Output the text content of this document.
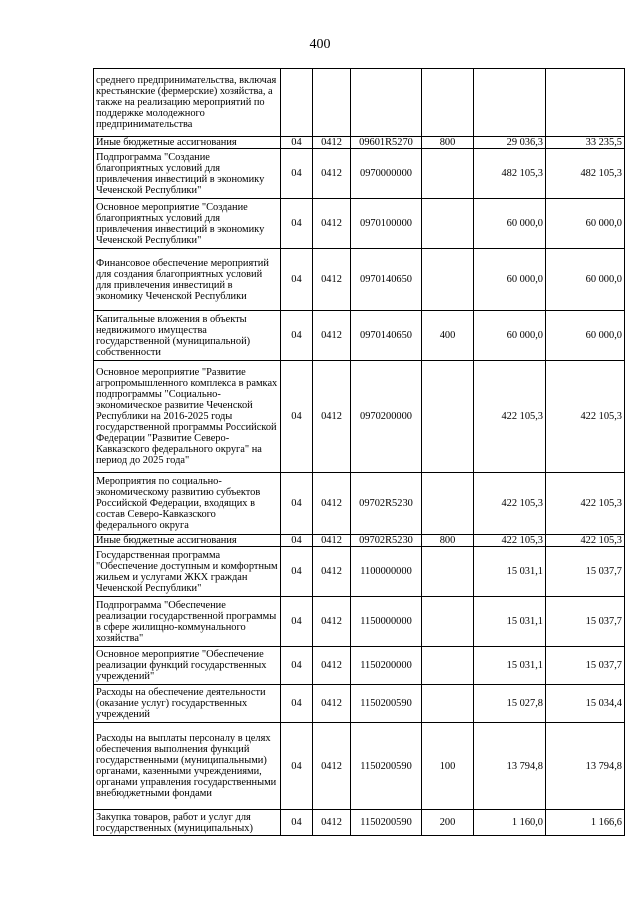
400
среднего предпринимательства, включая крестьянские (фермерские) хозяйства, а также на реализацию мероприятий по поддержке молодежного предпринимательства						
Иные бюджетные ассигнования	04	0412	09601R5270	800	29 036,3	33 235,5
Подпрограмма "Создание благоприятных условий для привлечения инвестиций в экономику Чеченской Республики"	04	0412	0970000000		482 105,3	482 105,3
Основное мероприятие "Создание благоприятных условий для привлечения инвестиций в экономику Чеченской Республики"	04	0412	0970100000		60 000,0	60 000,0
Финансовое обеспечение мероприятий для создания благоприятных условий для привлечения инвестиций в экономику Чеченской Республики	04	0412	0970140650		60 000,0	60 000,0
Капитальные вложения в объекты недвижимого имущества государственной (муниципальной) собственности	04	0412	0970140650	400	60 000,0	60 000,0
Основное мероприятие "Развитие агропромышленного комплекса в рамках подпрограммы "Социально-экономическое развитие Чеченской Республики на 2016-2025 годы государственной программы Российской Федерации "Развитие Северо-Кавказского федерального округа" на период до 2025 года"	04	0412	0970200000		422 105,3	422 105,3
Мероприятия по социально-экономическому развитию субъектов Российской Федерации, входящих в состав Северо-Кавказского федерального округа	04	0412	09702R5230		422 105,3	422 105,3
Иные бюджетные ассигнования	04	0412	09702R5230	800	422 105,3	422 105,3
Государственная программа "Обеспечение доступным и комфортным жильем и услугами ЖКХ граждан Чеченской Республики"	04	0412	1100000000		15 031,1	15 037,7
Подпрограмма "Обеспечение реализации государственной программы в сфере жилищно-коммунального хозяйства"	04	0412	1150000000		15 031,1	15 037,7
Основное мероприятие "Обеспечение реализации функций государственных учреждений"	04	0412	1150200000		15 031,1	15 037,7
Расходы на обеспечение деятельности (оказание услуг) государственных учреждений	04	0412	1150200590		15 027,8	15 034,4
Расходы на выплаты персоналу в целях обеспечения выполнения функций государственными (муниципальными) органами, казенными учреждениями, органами управления государственными внебюджетными фондами	04	0412	1150200590	100	13 794,8	13 794,8
Закупка товаров, работ и услуг для государственных (муниципальных)	04	0412	1150200590	200	1 160,0	1 166,6
